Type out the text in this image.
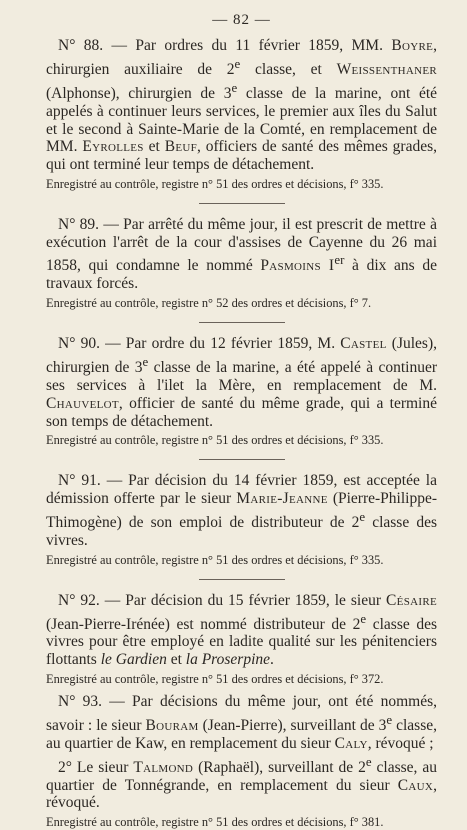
— 82 —

N° 88. — Par ordres du 11 février 1859, MM. Boyre, chirurgien auxiliaire de 2e classe, et Weissenthaner (Alphonse), chirurgien de 3e classe de la marine, ont été appelés à continuer leurs services, le premier aux îles du Salut et le second à Sainte-Marie de la Comté, en remplacement de MM. Eyrolles et Beuf, officiers de santé des mêmes grades, qui ont terminé leur temps de détachement.

Enregistré au contrôle, registre n° 51 des ordres et décisions, f° 335.

N° 89. — Par arrêté du même jour, il est prescrit de mettre à exécution l'arrêt de la cour d'assises de Cayenne du 26 mai 1858, qui condamne le nommé Pasmoins Ier à dix ans de travaux forcés.

Enregistré au contrôle, registre n° 52 des ordres et décisions, f° 7.

N° 90. — Par ordre du 12 février 1859, M. Castel (Jules), chirurgien de 3e classe de la marine, a été appelé à continuer ses services à l'ilet la Mère, en remplacement de M. Chauvelot, officier de santé du même grade, qui a terminé son temps de détachement.

Enregistré au contrôle, registre n° 51 des ordres et décisions, f° 335.

N° 91. — Par décision du 14 février 1859, est acceptée la démission offerte par le sieur Marie-Jeanne (Pierre-Philippe-Thimogène) de son emploi de distributeur de 2e classe des vivres.

Enregistré au contrôle, registre n° 51 des ordres et décisions, f° 335.

N° 92. — Par décision du 15 février 1859, le sieur Césaire (Jean-Pierre-Irénée) est nommé distributeur de 2e classe des vivres pour être employé en ladite qualité sur les pénitenciers flottants le Gardien et la Proserpine.

Enregistré au contrôle, registre n° 51 des ordres et décisions, f° 372.

N° 93. — Par décisions du même jour, ont été nommés, savoir : le sieur Bouram (Jean-Pierre), surveillant de 3e classe, au quartier de Kaw, en remplacement du sieur Caly, révoqué ;

2° Le sieur Talmond (Raphaël), surveillant de 2e classe, au quartier de Tonnégrande, en remplacement du sieur Caux, révoqué.

Enregistré au contrôle, registre n° 51 des ordres et décisions, f° 381.
